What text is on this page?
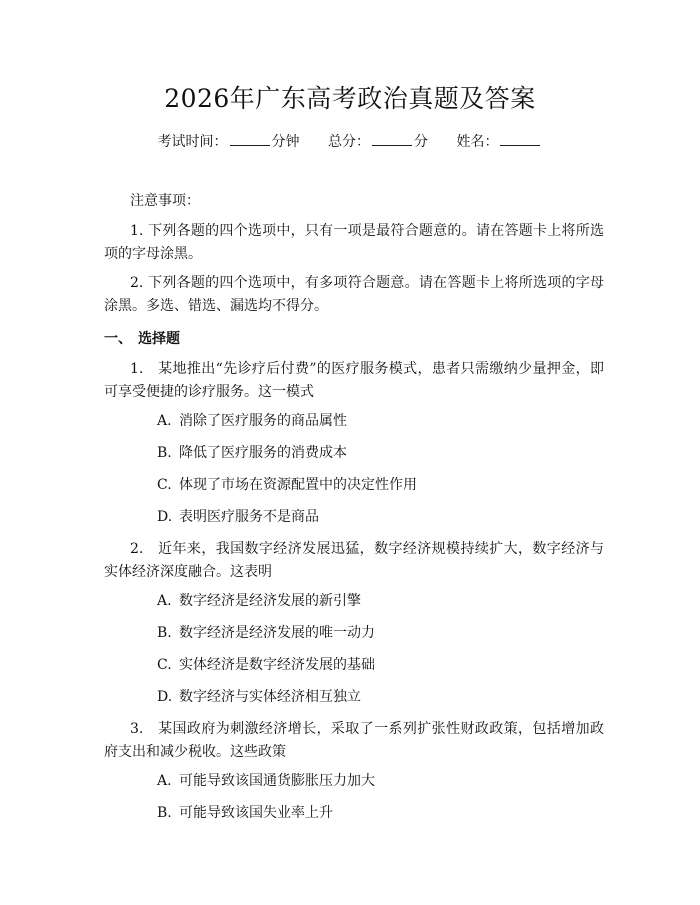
2026年广东高考政治真题及答案
考试时间：	分钟 总分：	分 姓名：
注意事项：
1. 下列各题的四个选项中，只有一项是最符合题意的。请在答题卡上将所选项的字母涂黑。
2. 下列各题的四个选项中，有多项符合题意。请在答题卡上将所选项的字母涂黑。多选、错选、漏选均不得分。
一、 选择题
1.　某地推出“先诊疗后付费”的医疗服务模式，患者只需缴纳少量押金，即可享受便捷的诊疗服务。这一模式
A. 消除了医疗服务的商品属性
B. 降低了医疗服务的消费成本
C. 体现了市场在资源配置中的决定性作用
D. 表明医疗服务不是商品
2.　近年来，我国数字经济发展迅猛，数字经济规模持续扩大，数字经济与实体经济深度融合。这表明
A. 数字经济是经济发展的新引擎
B. 数字经济是经济发展的唯一动力
C. 实体经济是数字经济发展的基础
D. 数字经济与实体经济相互独立
3.　某国政府为刺激经济增长，采取了一系列扩张性财政政策，包括增加政府支出和减少税收。这些政策
A. 可能导致该国通货膨胀压力加大
B. 可能导致该国失业率上升
